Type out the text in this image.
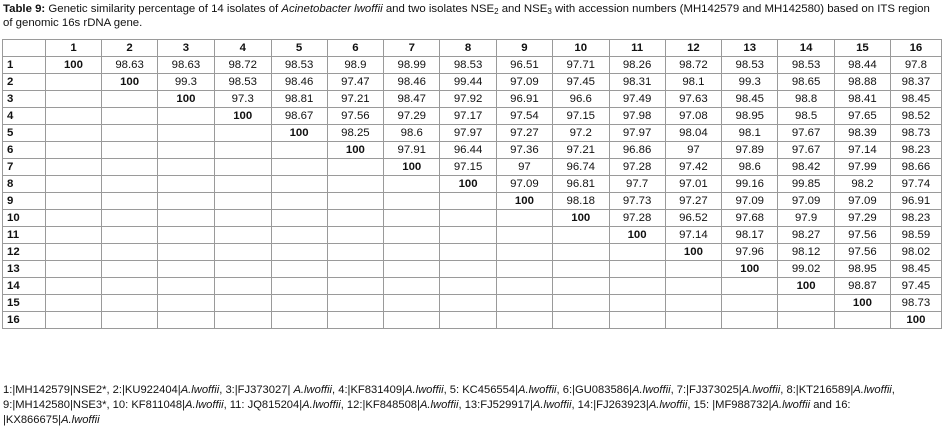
Table 9: Genetic similarity percentage of 14 isolates of Acinetobacter lwoffii and two isolates $NSE_2$ and $NSE_3$ with accession numbers (MH142579 and MH142580) based on ITS region of genomic 16s rDNA gene.
	1	2	3	4	5	6	7	8	9	10	11	12	13	14	15	16
1	100	98.63	98.63	98.72	98.53	98.9	98.99	98.53	96.51	97.71	98.26	98.72	98.53	98.53	98.44	97.8
2		100	99.3	98.53	98.46	97.47	98.46	99.44	97.09	97.45	98.31	98.1	99.3	98.65	98.88	98.37
3			100	97.3	98.81	97.21	98.47	97.92	96.91	96.6	97.49	97.63	98.45	98.8	98.41	98.45
4				100	98.67	97.56	97.29	97.17	97.54	97.15	97.98	97.08	98.95	98.5	97.65	98.52
5					100	98.25	98.6	97.97	97.27	97.2	97.97	98.04	98.1	97.67	98.39	98.73
6						100	97.91	96.44	97.36	97.21	96.86	97	97.89	97.67	97.14	98.23
7							100	97.15	97	96.74	97.28	97.42	98.6	98.42	97.99	98.66
8								100	97.09	96.81	97.7	97.01	99.16	99.85	98.2	97.74
9									100	98.18	97.73	97.27	97.09	97.09	97.09	96.91
10										100	97.28	96.52	97.68	97.9	97.29	98.23
11											100	97.14	98.17	98.27	97.56	98.59
12												100	97.96	98.12	97.56	98.02
13													100	99.02	98.95	98.45
14														100	98.87	97.45
15															100	98.73
16																100
1:|MH142579|NSE2*, 2:|KU922404|A.lwoffii, 3:|FJ373027| A.lwoffii, 4:|KF831409|A.lwoffii, 5: KC456554|A.lwoffii, 6:|GU083586|A.lwoffii, 7:|FJ373025|A.lwoffii, 8:|KT216589|A.lwoffii, 9:|MH142580|NSE3*, 10: KF811048|A.lwoffii, 11: JQ815204|A.lwoffii, 12:|KF848508|A.lwoffii, 13:FJ529917|A.lwoffii, 14:|FJ263923|A.lwoffii, 15: |MF988732|A.lwoffii and 16: |KX866675|A.lwoffii
